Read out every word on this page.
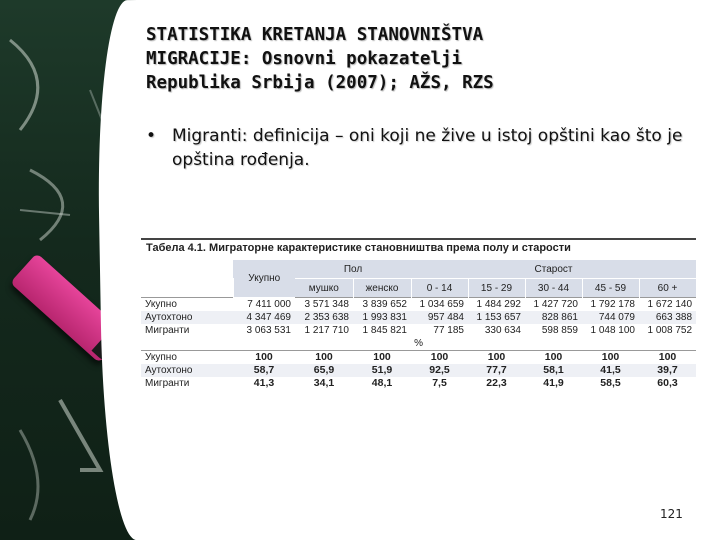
STATISTIKA KRETANJA STANOVNIŠTVA
MIGRACIJE: Osnovni pokazatelji
Republika Srbija (2007); AŽS, RZS
• Migranti: definicija – oni koji ne žive u istoj opštini kao što je opština rođenja.
Табела 4.1. Миграторне карактеристике становништва према полу и старости
	Укупно	Пол		Старост				
		мушко	женско	0 - 14	15 - 29	30 - 44	45 - 59	60 +
Укупно	7 411 000	3 571 348	3 839 652	1 034 659	1 484 292	1 427 720	1 792 178	1 672 140
Аутохтоно	4 347 469	2 353 638	1 993 831	957 484	1 153 657	828 861	744 079	663 388
Мигранти	3 063 531	1 217 710	1 845 821	77 185	330 634	598 859	1 048 100	1 008 752
%								
Укупно	100	100	100	100	100	100	100	100
Аутохтоно	58,7	65,9	51,9	92,5	77,7	58,1	41,5	39,7
Мигранти	41,3	34,1	48,1	7,5	22,3	41,9	58,5	60,3
121
